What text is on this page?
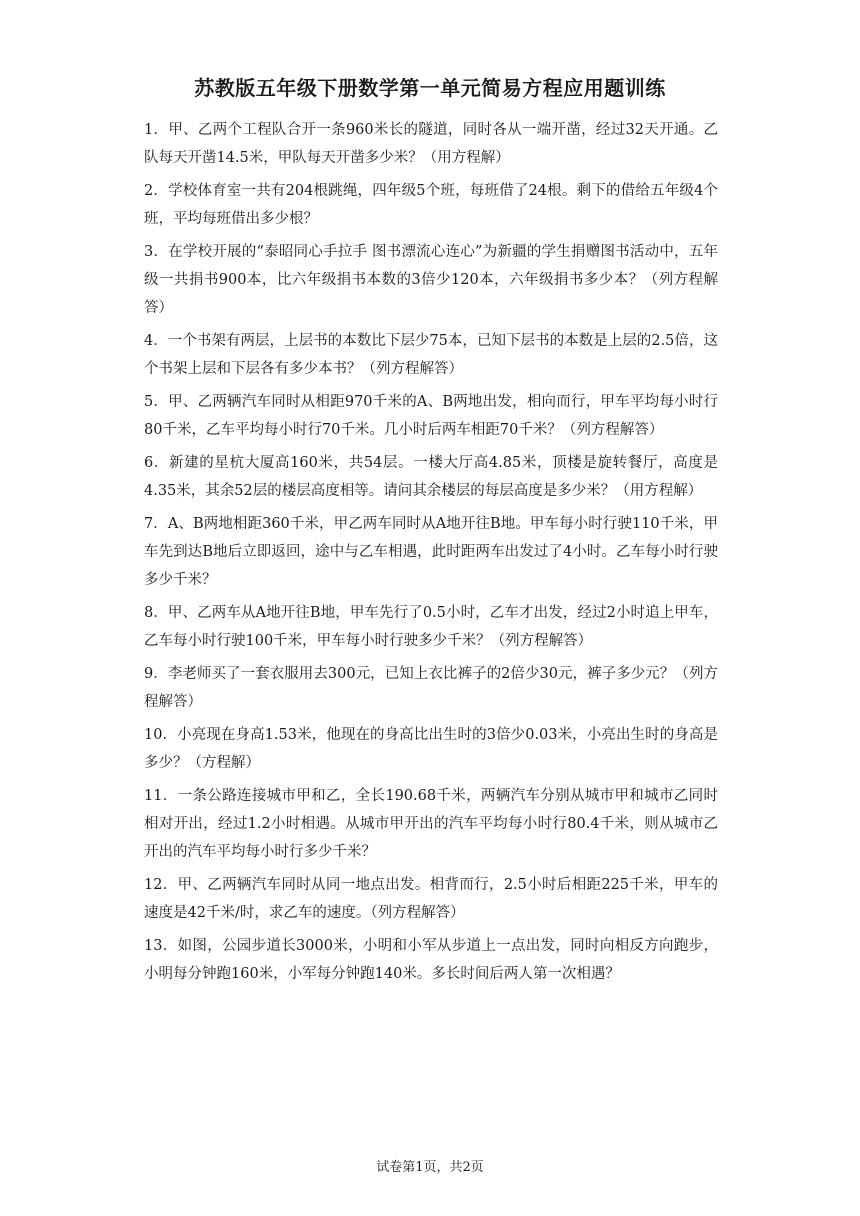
苏教版五年级下册数学第一单元简易方程应用题训练
1．甲、乙两个工程队合开一条960米长的隧道，同时各从一端开凿，经过32天开通。乙队每天开凿14.5米，甲队每天开凿多少米？（用方程解）
2．学校体育室一共有204根跳绳，四年级5个班，每班借了24根。剩下的借给五年级4个班，平均每班借出多少根？
3．在学校开展的“泰昭同心手拉手 图书漂流心连心”为新疆的学生捐赠图书活动中，五年级一共捐书900本，比六年级捐书本数的3倍少120本，六年级捐书多少本？（列方程解答）
4．一个书架有两层，上层书的本数比下层少75本，已知下层书的本数是上层的2.5倍，这个书架上层和下层各有多少本书？（列方程解答）
5．甲、乙两辆汽车同时从相距970千米的A、B两地出发，相向而行，甲车平均每小时行80千米，乙车平均每小时行70千米。几小时后两车相距70千米？（列方程解答）
6．新建的星杭大厦高160米，共54层。一楼大厅高4.85米，顶楼是旋转餐厅，高度是4.35米，其余52层的楼层高度相等。请问其余楼层的每层高度是多少米？（用方程解）
7．A、B两地相距360千米，甲乙两车同时从A地开往B地。甲车每小时行驶110千米，甲车先到达B地后立即返回，途中与乙车相遇，此时距两车出发过了4小时。乙车每小时行驶多少千米？
8．甲、乙两车从A地开往B地，甲车先行了0.5小时，乙车才出发，经过2小时追上甲车，乙车每小时行驶100千米，甲车每小时行驶多少千米？（列方程解答）
9．李老师买了一套衣服用去300元，已知上衣比裤子的2倍少30元，裤子多少元？（列方程解答）
10．小亮现在身高1.53米，他现在的身高比出生时的3倍少0.03米，小亮出生时的身高是多少？（方程解）
11．一条公路连接城市甲和乙，全长190.68千米，两辆汽车分别从城市甲和城市乙同时相对开出，经过1.2小时相遇。从城市甲开出的汽车平均每小时行80.4千米，则从城市乙开出的汽车平均每小时行多少千米？
12．甲、乙两辆汽车同时从同一地点出发。相背而行，2.5小时后相距225千米，甲车的速度是42千米/时，求乙车的速度。（列方程解答）
13．如图，公园步道长3000米，小明和小军从步道上一点出发，同时向相反方向跑步，小明每分钟跑160米，小军每分钟跑140米。多长时间后两人第一次相遇？
试卷第1页，共2页
